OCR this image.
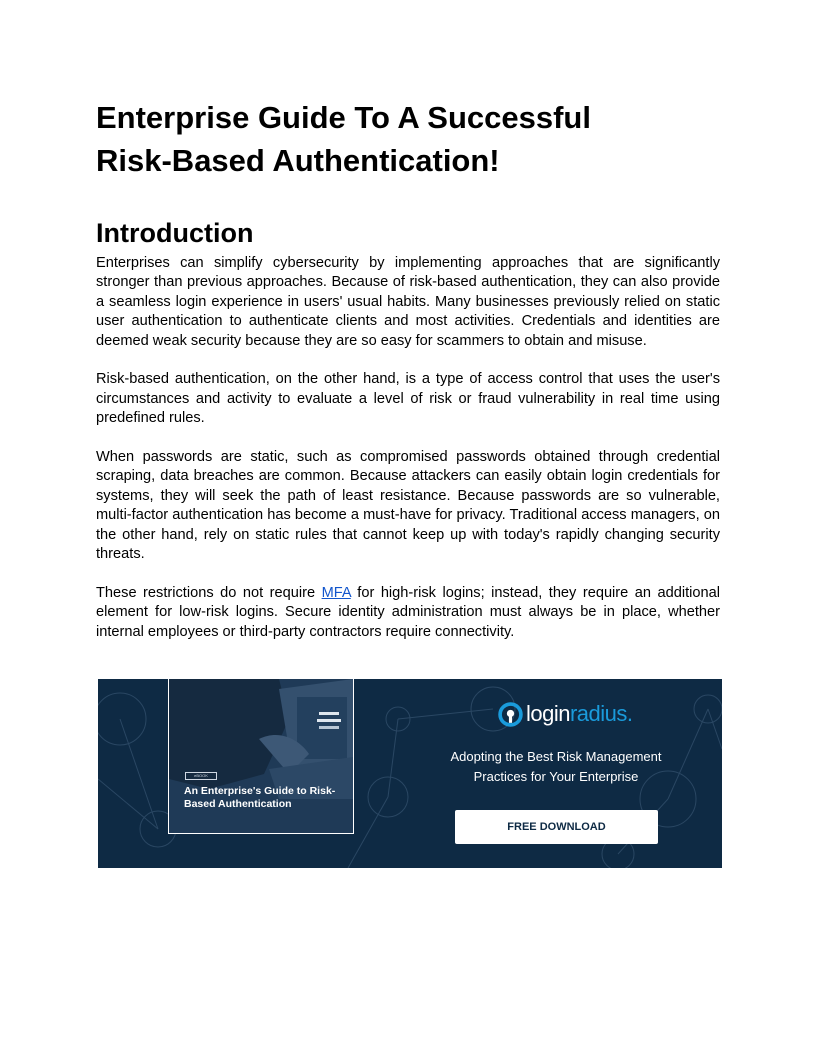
Enterprise Guide To A Successful
Risk-Based Authentication!
Introduction

Enterprises can simplify cybersecurity by implementing approaches that are significantly stronger than previous approaches. Because of risk-based authentication, they can also provide a seamless login experience in users' usual habits. Many businesses previously relied on static user authentication to authenticate clients and most activities. Credentials and identities are deemed weak security because they are so easy for scammers to obtain and misuse.

Risk-based authentication, on the other hand, is a type of access control that uses the user's circumstances and activity to evaluate a level of risk or fraud vulnerability in real time using predefined rules.

When passwords are static, such as compromised passwords obtained through credential scraping, data breaches are common. Because attackers can easily obtain login credentials for systems, they will seek the path of least resistance. Because passwords are so vulnerable, multi-factor authentication has become a must-have for privacy. Traditional access managers, on the other hand, rely on static rules that cannot keep up with today's rapidly changing security threats.

These restrictions do not require MFA for high-risk logins; instead, they require an additional element for low-risk logins. Secure identity administration must always be in place, whether internal employees or third-party contractors require connectivity.

eBOOK
An Enterprise's Guide to Risk-Based Authentication
login radius .
Adopting the Best Risk Management
Practices for Your Enterprise
FREE DOWNLOAD
